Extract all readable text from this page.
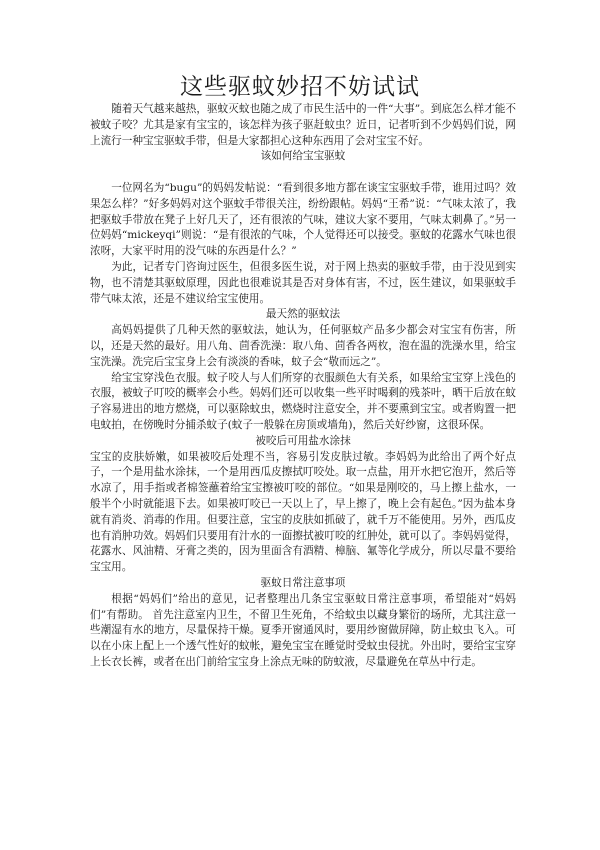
这些驱蚊妙招不妨试试

随着天气越来越热，驱蚊灭蚊也随之成了市民生活中的一件“大事”。到底怎么样才能不被蚊子咬？尤其是家有宝宝的，该怎样为孩子驱赶蚊虫？近日，记者听到不少妈妈们说，网上流行一种宝宝驱蚊手带，但是大家都担心这种东西用了会对宝宝不好。

该如何给宝宝驱蚊

一位网名为“bugu”的妈妈发帖说：“看到很多地方都在谈宝宝驱蚊手带，谁用过吗？效果怎么样？”好多妈妈对这个驱蚊手带很关注，纷纷跟帖。妈妈“王希”说：“气味太浓了，我把驱蚊手带放在凳子上好几天了，还有很浓的气味，建议大家不要用，气味太刺鼻了。”另一位妈妈“mickeyqi”则说：“是有很浓的气味，个人觉得还可以接受。驱蚊的花露水气味也很浓呀，大家平时用的没气味的东西是什么？”

为此，记者专门咨询过医生，但很多医生说，对于网上热卖的驱蚊手带，由于没见到实物，也不清楚其驱蚊原理，因此也很难说其是否对身体有害，不过，医生建议，如果驱蚊手带气味太浓，还是不建议给宝宝使用。

最天然的驱蚊法

高妈妈提供了几种天然的驱蚊法，她认为，任何驱蚊产品多少都会对宝宝有伤害，所以，还是天然的最好。用八角、茴香洗澡：取八角、茴香各两枚，泡在温的洗澡水里，给宝宝洗澡。洗完后宝宝身上会有淡淡的香味，蚊子会“敬而远之”。

给宝宝穿浅色衣服。蚊子咬人与人们所穿的衣服颜色大有关系，如果给宝宝穿上浅色的衣服，被蚊子叮咬的概率会小些。妈妈们还可以收集一些平时喝剩的残茶叶，晒干后放在蚊子容易进出的地方燃烧，可以驱除蚊虫，燃烧时注意安全，并不要熏到宝宝。或者购置一把电蚊拍，在傍晚时分捕杀蚊子(蚊子一般躲在房顶或墙角)，然后关好纱窗，这很环保。

被咬后可用盐水涂抹

宝宝的皮肤娇嫩，如果被咬后处理不当，容易引发皮肤过敏。李妈妈为此给出了两个好点子，一个是用盐水涂抹，一个是用西瓜皮擦拭叮咬处。取一点盐，用开水把它泡开，然后等水凉了，用手指或者棉签蘸着给宝宝擦被叮咬的部位。“如果是刚咬的，马上擦上盐水，一般半个小时就能退下去。如果被叮咬已一天以上了，早上擦了，晚上会有起色。”因为盐本身就有消炎、消毒的作用。但要注意，宝宝的皮肤如抓破了，就千万不能使用。另外，西瓜皮也有消肿功效。妈妈们只要用有汁水的一面擦拭被叮咬的红肿处，就可以了。李妈妈觉得，花露水、风油精、牙膏之类的，因为里面含有酒精、樟脑、氟等化学成分，所以尽量不要给宝宝用。

驱蚊日常注意事项

根据“妈妈们”给出的意见，记者整理出几条宝宝驱蚊日常注意事项，希望能对“妈妈们”有帮助。 首先注意室内卫生，不留卫生死角，不给蚊虫以藏身繁衍的场所，尤其注意一些潮湿有水的地方，尽量保持干燥。夏季开窗通风时，要用纱窗做屏障，防止蚊虫飞入。可以在小床上配上一个透气性好的蚊帐，避免宝宝在睡觉时受蚊虫侵扰。外出时，要给宝宝穿上长衣长裤，或者在出门前给宝宝身上涂点无味的防蚊液，尽量避免在草丛中行走。
